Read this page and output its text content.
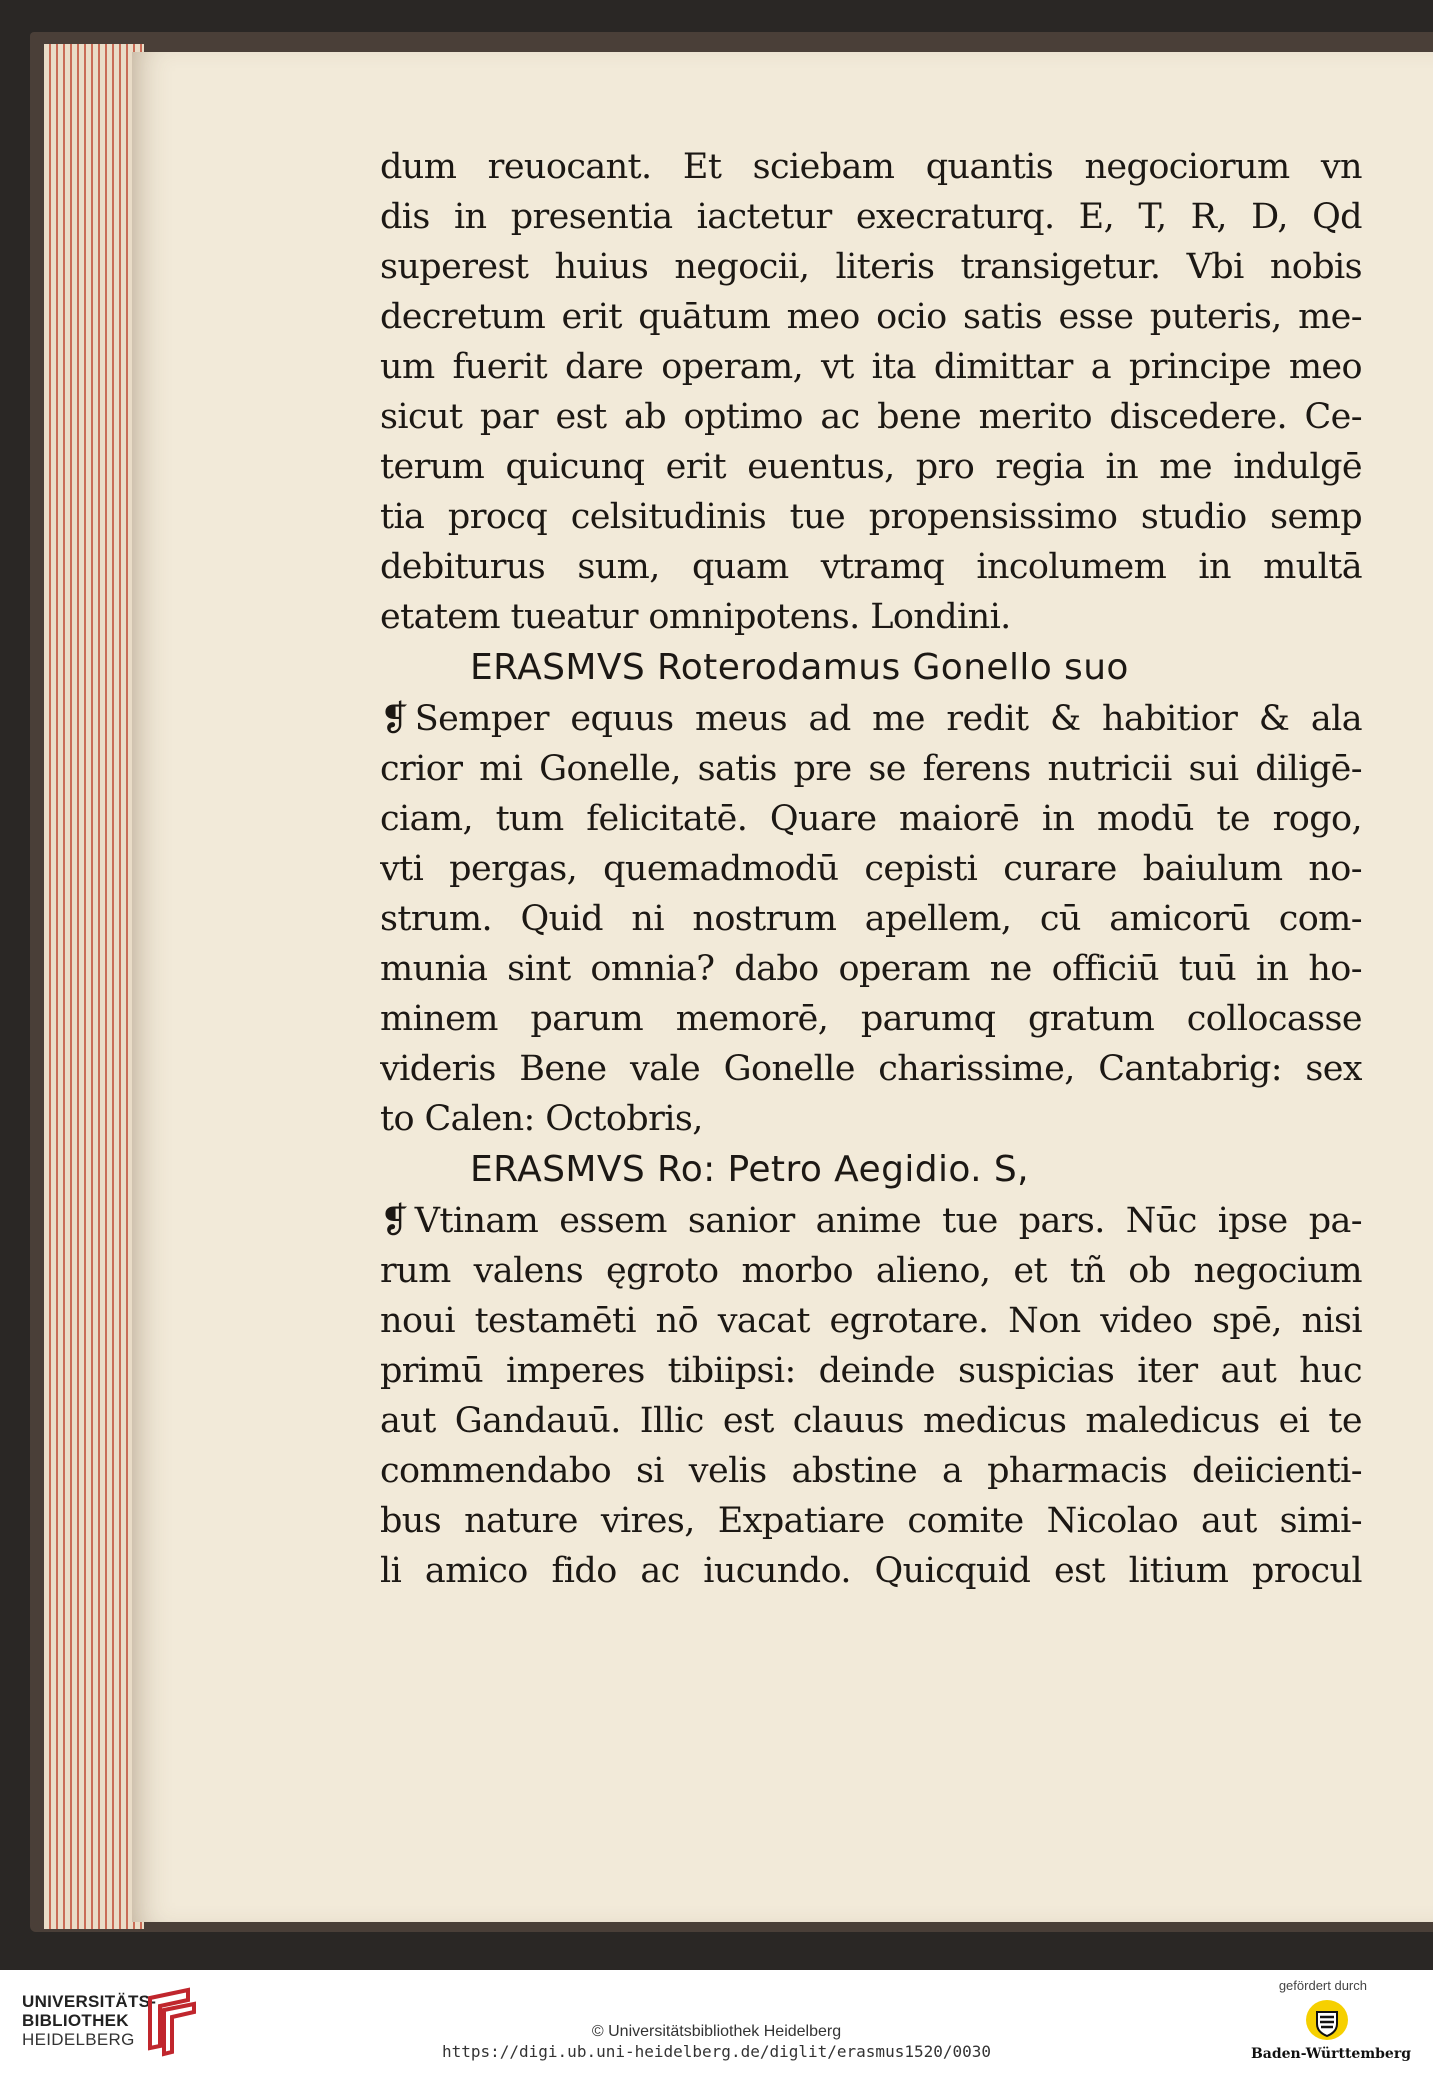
dum reuocant. Et sciebam quantis negociorum vn
dis in presentia iactetur execraturq. E, T, R, D, Qd
superest huius negocii, literis transigetur. Vbi nobis
decretum erit quātum meo ocio satis esse puteris, me-
um fuerit dare operam, vt ita dimittar a principe meo
sicut par est ab optimo ac bene merito discedere. Ce-
terum quicunq erit euentus, pro regia in me indulgē
tia procq celsitudinis tue propensissimo studio semp
debiturus sum, quam vtramq incolumem in multā
etatem tueatur omnipotens. Londini.
ERASMVS Roterodamus Gonello suo
❡ Semper equus meus ad me redit & habitior & ala
crior mi Gonelle, satis pre se ferens nutricii sui diligē-
ciam, tum felicitatē. Quare maiorē in modū te rogo,
vti pergas, quemadmodū cepisti curare baiulum no-
strum. Quid ni nostrum apellem, cū amicorū com-
munia sint omnia? dabo operam ne officiū tuū in ho-
minem parum memorē, parumq gratum collocasse
videris Bene vale Gonelle charissime, Cantabrig: sex
to Calen: Octobris,
ERASMVS Ro: Petro Aegidio. S,
❡ Vtinam essem sanior anime tue pars. Nūc ipse pa-
rum valens ęgroto morbo alieno, et tñ ob negocium
noui testamēti nō vacat egrotare. Non video spē, nisi
primū imperes tibiipsi: deinde suspicias iter aut huc
aut Gandauū. Illic est clauus medicus maledicus ei te
commendabo si velis abstine a pharmacis deiicienti-
bus nature vires, Expatiare comite Nicolao aut simi-
li amico fido ac iucundo. Quicquid est litium procul
UNIVERSITÄTS-
BIBLIOTHEK
HEIDELBERG	© Universitätsbibliothek Heidelberg
https://digi.ub.uni-heidelberg.de/diglit/erasmus1520/0030
gefördert durch
Baden-Württemberg
